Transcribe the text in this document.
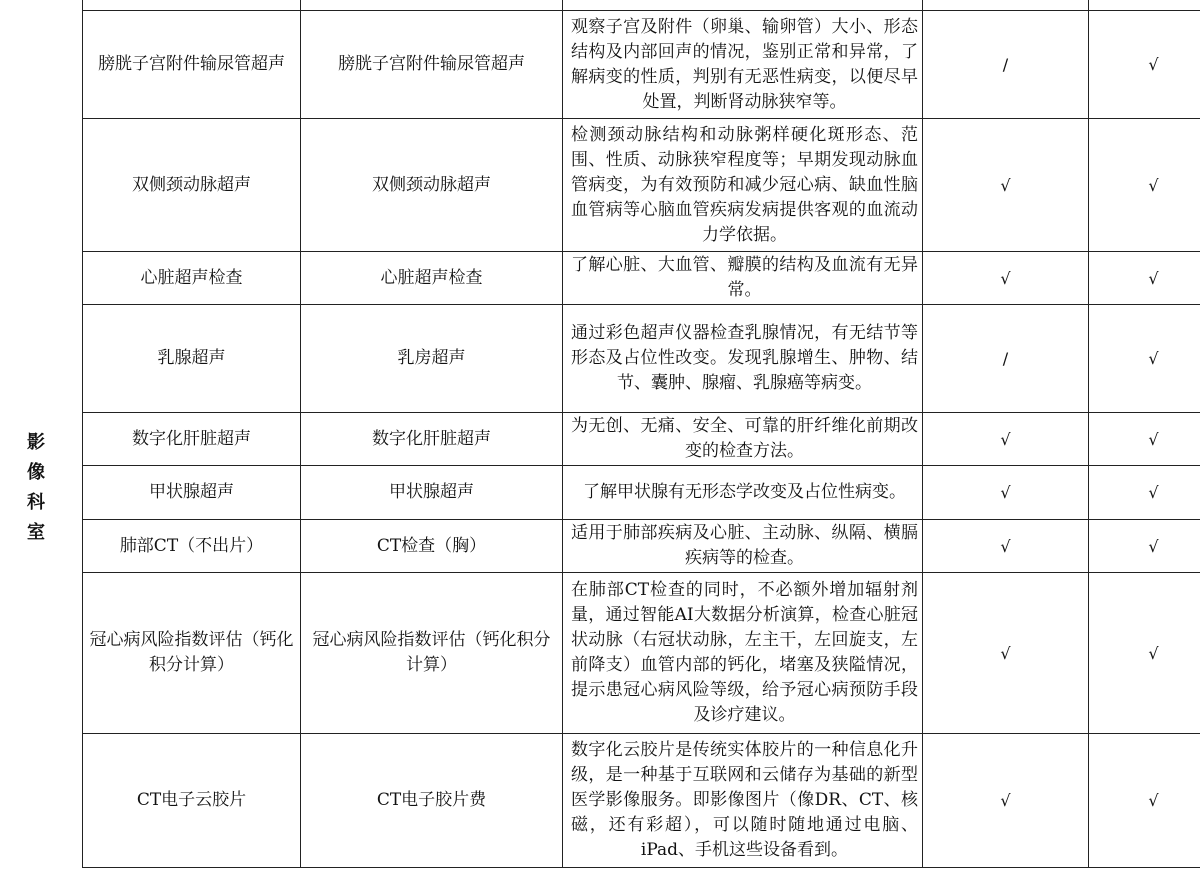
影
像
科
室

膀胱子宫附件输尿管超声	膀胱子宫附件输尿管超声	观察子宫及附件（卵巢、输卵管）大小、形态结构及内部回声的情况，鉴别正常和异常，了解病变的性质，判别有无恶性病变，以便尽早处置，判断肾动脉狭窄等。	/	√
双侧颈动脉超声	双侧颈动脉超声	检测颈动脉结构和动脉粥样硬化斑形态、范围、性质、动脉狭窄程度等；早期发现动脉血管病变，为有效预防和减少冠心病、缺血性脑血管病等心脑血管疾病发病提供客观的血流动力学依据。	√	√
心脏超声检查	心脏超声检查	了解心脏、大血管、瓣膜的结构及血流有无异常。	√	√
乳腺超声	乳房超声	通过彩色超声仪器检查乳腺情况，有无结节等形态及占位性改变。发现乳腺增生、肿物、结节、囊肿、腺瘤、乳腺癌等病变。	/	√
数字化肝脏超声	数字化肝脏超声	为无创、无痛、安全、可靠的肝纤维化前期改变的检查方法。	√	√
甲状腺超声	甲状腺超声	了解甲状腺有无形态学改变及占位性病变。	√	√
肺部CT（不出片）	CT检查（胸）	适用于肺部疾病及心脏、主动脉、纵隔、横膈疾病等的检查。	√	√
冠心病风险指数评估（钙化积分计算）	冠心病风险指数评估（钙化积分计算）	在肺部CT检查的同时，不必额外增加辐射剂量，通过智能AI大数据分析演算，检查心脏冠状动脉（右冠状动脉，左主干，左回旋支，左前降支）血管内部的钙化，堵塞及狭隘情况，提示患冠心病风险等级，给予冠心病预防手段及诊疗建议。	√	√
CT电子云胶片	CT电子胶片费	数字化云胶片是传统实体胶片的一种信息化升级，是一种基于互联网和云储存为基础的新型医学影像服务。即影像图片（像DR、CT、核磁，还有彩超），可以随时随地通过电脑、iPad、手机这些设备看到。	√	√
